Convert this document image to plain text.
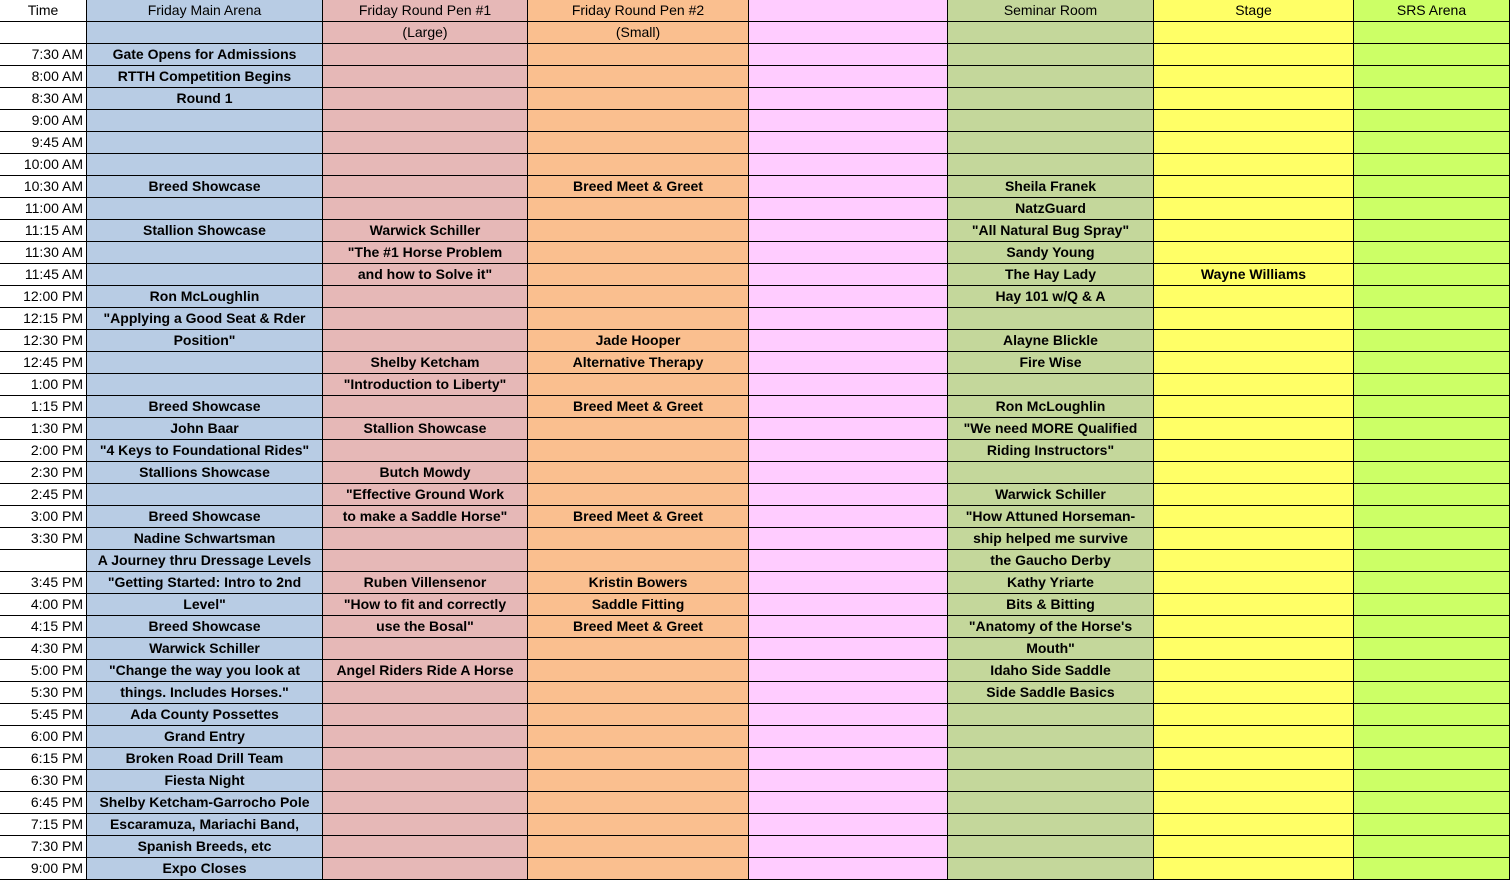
Time	Friday Main Arena	Friday Round Pen #1	Friday Round Pen #2	Seminar Room	Stage	SRS Arena
(Large)	(Small)
7:30 AM	Gate Opens for Admissions
8:00 AM	RTTH Competition Begins
8:30 AM	Round 1
9:00 AM
9:45 AM
10:00 AM
10:30 AM	Breed Showcase	Breed Meet & Greet	Sheila Franek
11:00 AM	NatzGuard
11:15 AM	Stallion Showcase	Warwick Schiller	"All Natural Bug Spray"
11:30 AM	"The #1 Horse Problem	Sandy Young
11:45 AM	and how to Solve it"	The Hay Lady	Wayne Williams
12:00 PM	Ron McLoughlin	Hay 101 w/Q & A
12:15 PM	"Applying a Good Seat & Rder
12:30 PM	Position"	Jade Hooper	Alayne Blickle
12:45 PM	Shelby Ketcham	Alternative Therapy	Fire Wise
1:00 PM	"Introduction to Liberty"
1:15 PM	Breed Showcase	Breed Meet & Greet	Ron McLoughlin
1:30 PM	John Baar	Stallion Showcase	"We need MORE Qualified
2:00 PM	"4 Keys to Foundational Rides"	Riding Instructors"
2:30 PM	Stallions Showcase	Butch Mowdy
2:45 PM	"Effective Ground Work	Warwick Schiller
3:00 PM	Breed Showcase	to make a Saddle Horse"	Breed Meet & Greet	"How Attuned Horseman-
3:30 PM	Nadine Schwartsman	ship helped me survive
A Journey thru Dressage Levels	the Gaucho Derby
3:45 PM	"Getting Started: Intro to 2nd	Ruben Villensenor	Kristin Bowers	Kathy Yriarte
4:00 PM	Level"	"How to fit and correctly	Saddle Fitting	Bits & Bitting
4:15 PM	Breed Showcase	use the Bosal"	Breed Meet & Greet	"Anatomy of the Horse's
4:30 PM	Warwick Schiller	Mouth"
5:00 PM	"Change the way you look at	Angel Riders Ride A Horse	Idaho Side Saddle
5:30 PM	things. Includes Horses."	Side Saddle Basics
5:45 PM	Ada County Possettes
6:00 PM	Grand Entry
6:15 PM	Broken Road Drill Team
6:30 PM	Fiesta Night
6:45 PM	Shelby Ketcham-Garrocho Pole
7:15 PM	Escaramuza, Mariachi Band,
7:30 PM	Spanish Breeds, etc
9:00 PM	Expo Closes
